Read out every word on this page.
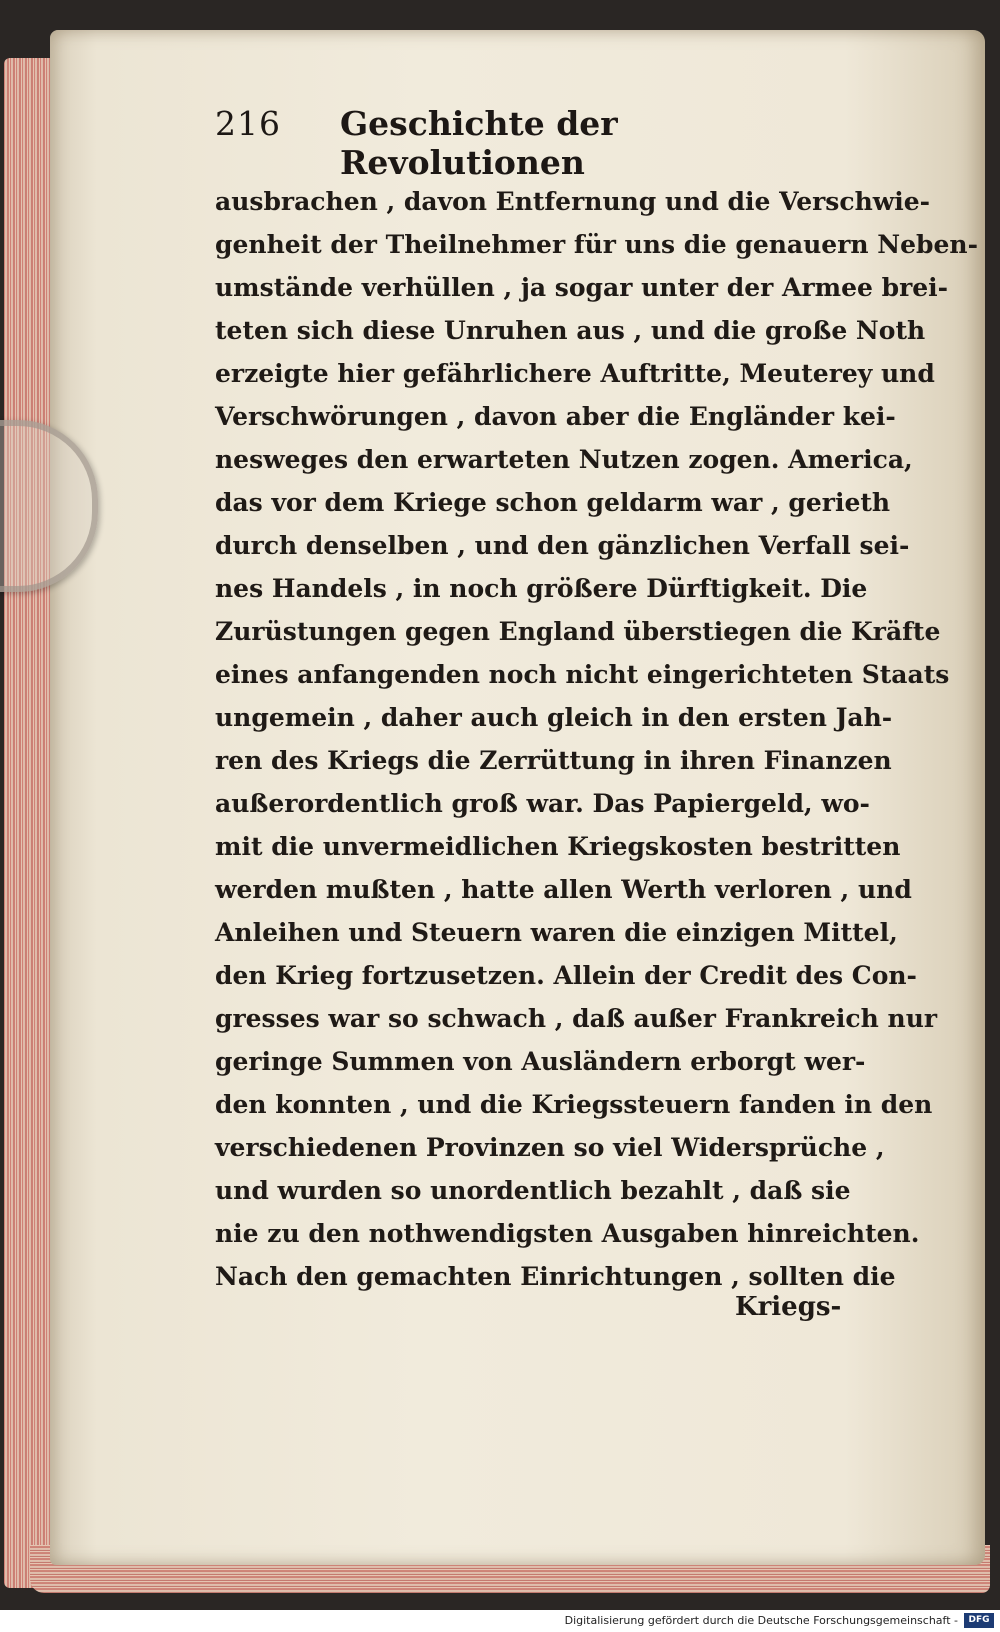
216 Geschichte der Revolutionen
ausbrachen , davon Entfernung und die Verschwie-
genheit der Theilnehmer für uns die genauern Neben-
umstände verhüllen , ja sogar unter der Armee brei-
teten sich diese Unruhen aus , und die große Noth
erzeigte hier gefährlichere Auftritte, Meuterey und
Verschwörungen , davon aber die Engländer kei-
nesweges den erwarteten Nutzen zogen. America,
das vor dem Kriege schon geldarm war , gerieth
durch denselben , und den gänzlichen Verfall sei-
nes Handels , in noch größere Dürftigkeit. Die
Zurüstungen gegen England überstiegen die Kräfte
eines anfangenden noch nicht eingerichteten Staats
ungemein , daher auch gleich in den ersten Jah-
ren des Kriegs die Zerrüttung in ihren Finanzen
außerordentlich groß war. Das Papiergeld, wo-
mit die unvermeidlichen Kriegskosten bestritten
werden mußten , hatte allen Werth verloren , und
Anleihen und Steuern waren die einzigen Mittel,
den Krieg fortzusetzen. Allein der Credit des Con-
gresses war so schwach , daß außer Frankreich nur
geringe Summen von Ausländern erborgt wer-
den konnten , und die Kriegssteuern fanden in den
verschiedenen Provinzen so viel Widersprüche ,
und wurden so unordentlich bezahlt , daß sie
nie zu den nothwendigsten Ausgaben hinreichten.
Nach den gemachten Einrichtungen , sollten die
Kriegs-
Digitalisierung gefördert durch die Deutsche Forschungsgemeinschaft -	DFG
